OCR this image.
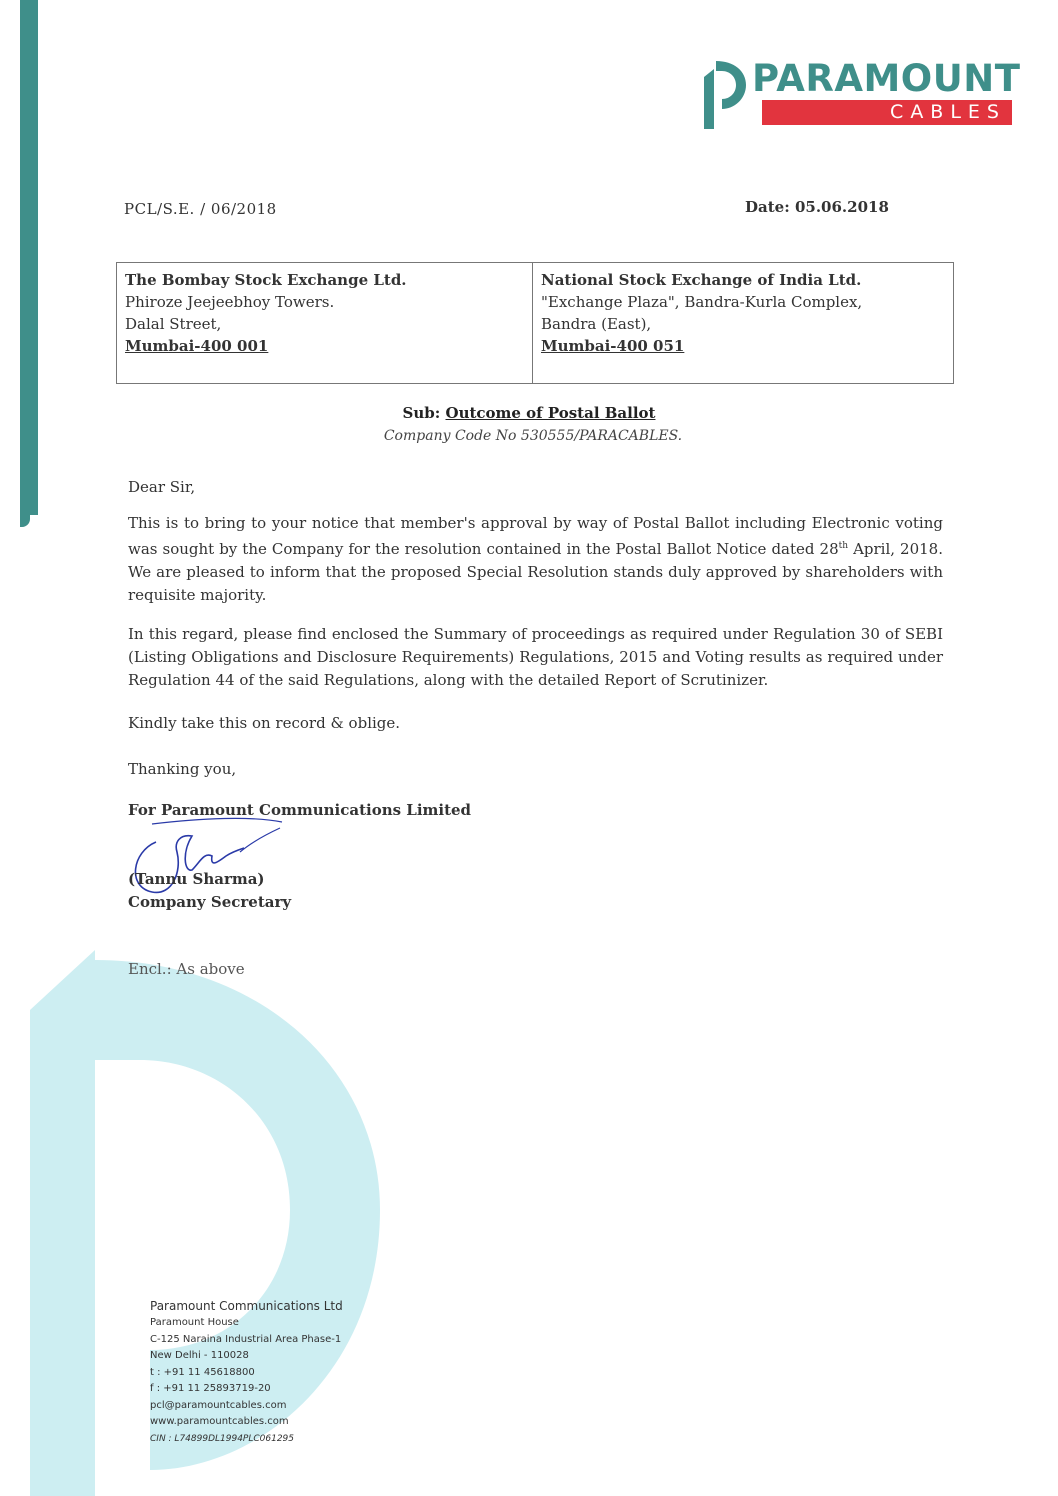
PARAMOUNT
CABLES
PCL/S.E. / 06/2018	Date: 05.06.2018
The Bombay Stock Exchange Ltd.
Phiroze Jeejeebhoy Towers.
Dalal Street,
Mumbai-400 001
National Stock Exchange of India Ltd.
"Exchange Plaza", Bandra-Kurla Complex,
Bandra (East),
Mumbai-400 051
Sub: Outcome of Postal Ballot
Company Code No 530555/PARACABLES.
Dear Sir,
This is to bring to your notice that member's approval by way of Postal Ballot including Electronic voting was sought by the Company for the resolution contained in the Postal Ballot Notice dated 28th April, 2018. We are pleased to inform that the proposed Special Resolution stands duly approved by shareholders with requisite majority.
In this regard, please find enclosed the Summary of proceedings as required under Regulation 30 of SEBI (Listing Obligations and Disclosure Requirements) Regulations, 2015 and Voting results as required under Regulation 44 of the said Regulations, along with the detailed Report of Scrutinizer.
Kindly take this on record & oblige.
Thanking you,
For Paramount Communications Limited
(Tannu Sharma)
Company Secretary
Encl.: As above
Paramount Communications Ltd
Paramount House
C-125 Naraina Industrial Area Phase-1
New Delhi - 110028
t : +91 11 45618800
f : +91 11 25893719-20
pcl@paramountcables.com
www.paramountcables.com
CIN : L74899DL1994PLC061295
